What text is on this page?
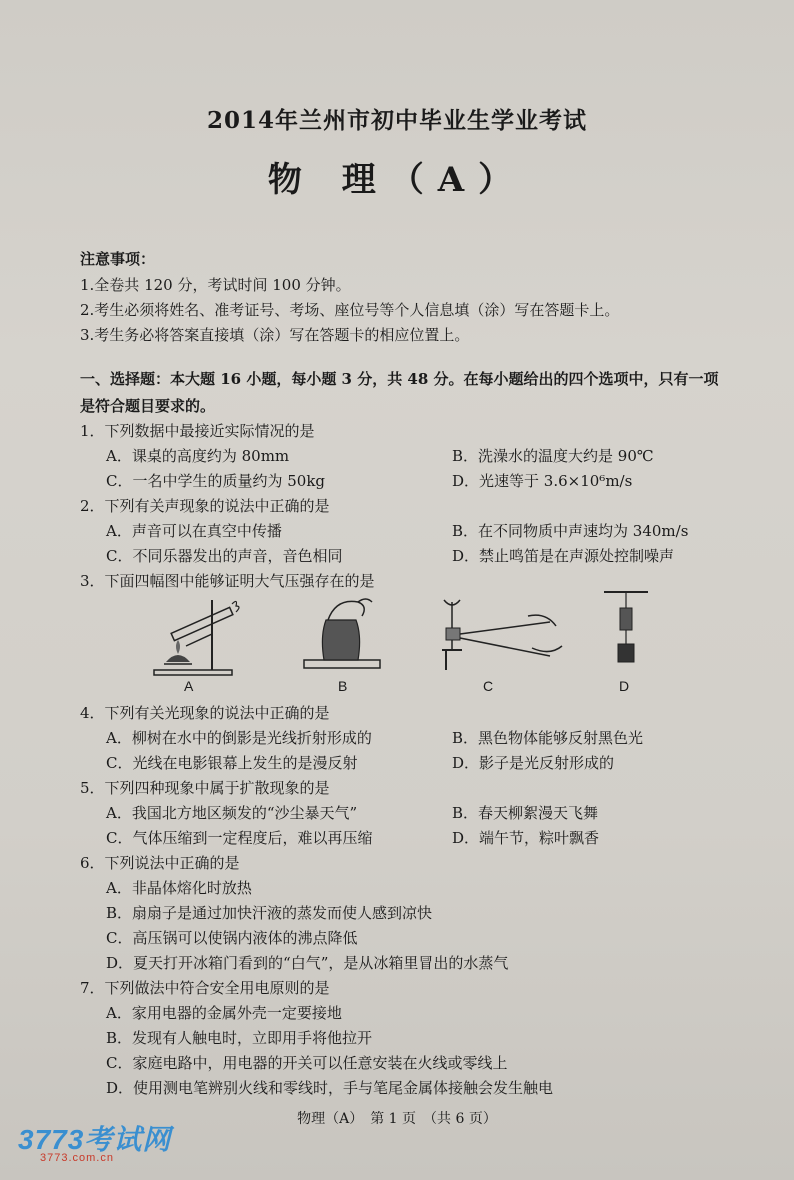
2014年兰州市初中毕业生学业考试
物 理（A）
注意事项：
1.全卷共 120 分，考试时间 100 分钟。
2.考生必须将姓名、准考证号、考场、座位号等个人信息填（涂）写在答题卡上。
3.考生务必将答案直接填（涂）写在答题卡的相应位置上。
一、选择题：本大题 16 小题，每小题 3 分，共 48 分。在每小题给出的四个选项中，只有一项是符合题目要求的。
1．下列数据中最接近实际情况的是
A．课桌的高度约为 80mm	B．洗澡水的温度大约是 90℃
C．一名中学生的质量约为 50kg	D．光速等于 3.6×10⁶m/s
2．下列有关声现象的说法中正确的是
A．声音可以在真空中传播	B．在不同物质中声速均为 340m/s
C．不同乐器发出的声音，音色相同	D．禁止鸣笛是在声源处控制噪声
3．下面四幅图中能够证明大气压强存在的是
A	B	C	D
4．下列有关光现象的说法中正确的是
A．柳树在水中的倒影是光线折射形成的	B．黑色物体能够反射黑色光
C．光线在电影银幕上发生的是漫反射	D．影子是光反射形成的
5．下列四种现象中属于扩散现象的是
A．我国北方地区频发的“沙尘暴天气”	B．春天柳絮漫天飞舞
C．气体压缩到一定程度后，难以再压缩	D．端午节，粽叶飘香
6．下列说法中正确的是
A．非晶体熔化时放热
B．扇扇子是通过加快汗液的蒸发而使人感到凉快
C．高压锅可以使锅内液体的沸点降低
D．夏天打开冰箱门看到的“白气”，是从冰箱里冒出的水蒸气
7．下列做法中符合安全用电原则的是
A．家用电器的金属外壳一定要接地
B．发现有人触电时，立即用手将他拉开
C．家庭电路中，用电器的开关可以任意安装在火线或零线上
D．使用测电笔辨别火线和零线时，手与笔尾金属体接触会发生触电
物理（A）　第 1 页　（共 6 页）
3773考试网
3773.com.cn
